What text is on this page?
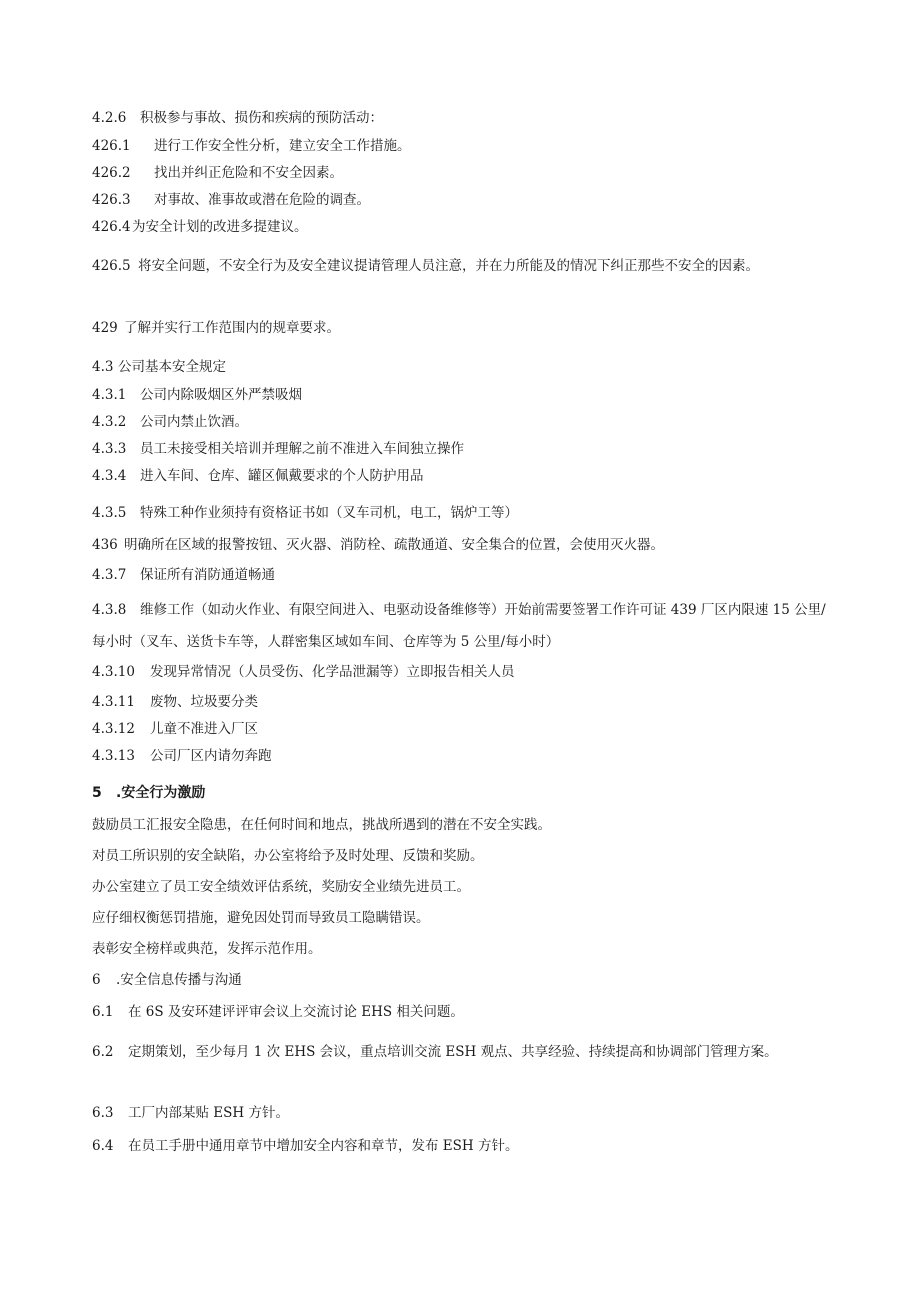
4.2.6 积极参与事故、损伤和疾病的预防活动：
426.1 进行工作安全性分析，建立安全工作措施。
426.2 找出并纠正危险和不安全因素。
426.3 对事故、准事故或潜在危险的调查。
426.4为安全计划的改进多提建议。
426.5 将安全问题，不安全行为及安全建议提请管理人员注意，并在力所能及的情况下纠正那些不安全的因素。
429 了解并实行工作范围内的规章要求。
4.3 公司基本安全规定
4.3.1 公司内除吸烟区外严禁吸烟
4.3.2 公司内禁止饮酒。
4.3.3 员工未接受相关培训并理解之前不准进入车间独立操作
4.3.4 进入车间、仓库、罐区佩戴要求的个人防护用品
4.3.5 特殊工种作业须持有资格证书如（叉车司机，电工，锅炉工等）
436 明确所在区域的报警按钮、灭火器、消防栓、疏散通道、安全集合的位置，会使用灭火器。
4.3.7 保证所有消防通道畅通
4.3.8 维修工作（如动火作业、有限空间进入、电驱动设备维修等）开始前需要签署工作许可证 439 厂区内限速 15 公里/每小时（叉车、送货卡车等，人群密集区域如车间、仓库等为 5 公里/每小时）
4.3.10 发现异常情况（人员受伤、化学品泄漏等）立即报告相关人员
4.3.11 废物、垃圾要分类
4.3.12 儿童不准进入厂区
4.3.13 公司厂区内请勿奔跑
5 .安全行为激励
鼓励员工汇报安全隐患，在任何时间和地点，挑战所遇到的潜在不安全实践。
对员工所识别的安全缺陷，办公室将给予及时处理、反馈和奖励。
办公室建立了员工安全绩效评估系统，奖励安全业绩先进员工。
应仔细权衡惩罚措施，避免因处罚而导致员工隐瞒错误。
表彰安全榜样或典范，发挥示范作用。
6 .安全信息传播与沟通
6.1 在 6S 及安环建评评审会议上交流讨论 EHS 相关问题。
6.2 定期策划，至少每月 1 次 EHS 会议，重点培训交流 ESH 观点、共享经验、持续提高和协调部门管理方案。
6.3 工厂内部某贴 ESH 方针。
6.4 在员工手册中通用章节中增加安全内容和章节，发布 ESH 方针。
